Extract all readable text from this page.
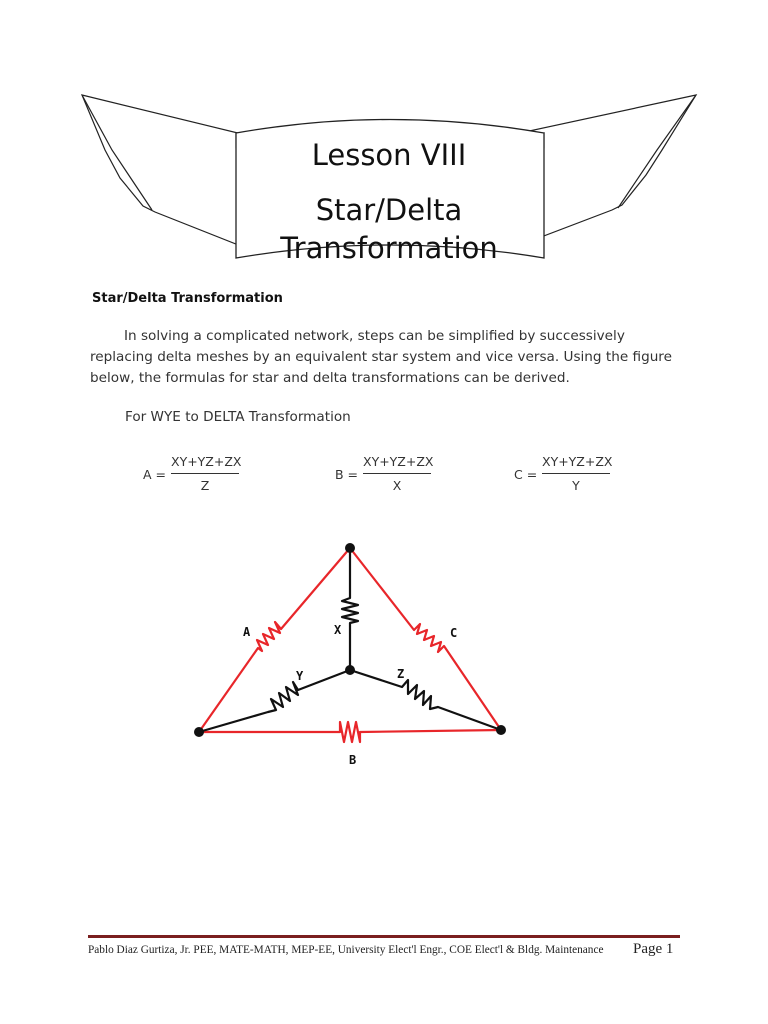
Lesson VIII
Star/Delta
Transformation
Star/Delta Transformation
In solving a complicated network, steps can be simplified by successively replacing delta meshes by an equivalent star system and vice versa. Using the figure below, the formulas for star and delta transformations can be derived.
For WYE to DELTA Transformation
A =
XY+YZ+ZX
Z
B =
XY+YZ+ZX
X
C =
XY+YZ+ZX
Y
A	C
X
Y	Z
B
Pablo Diaz Gurtiza, Jr. PEE, MATE-MATH, MEP-EE, University Elect'l Engr., COE Elect'l & Bldg. Maintenance Page 1
